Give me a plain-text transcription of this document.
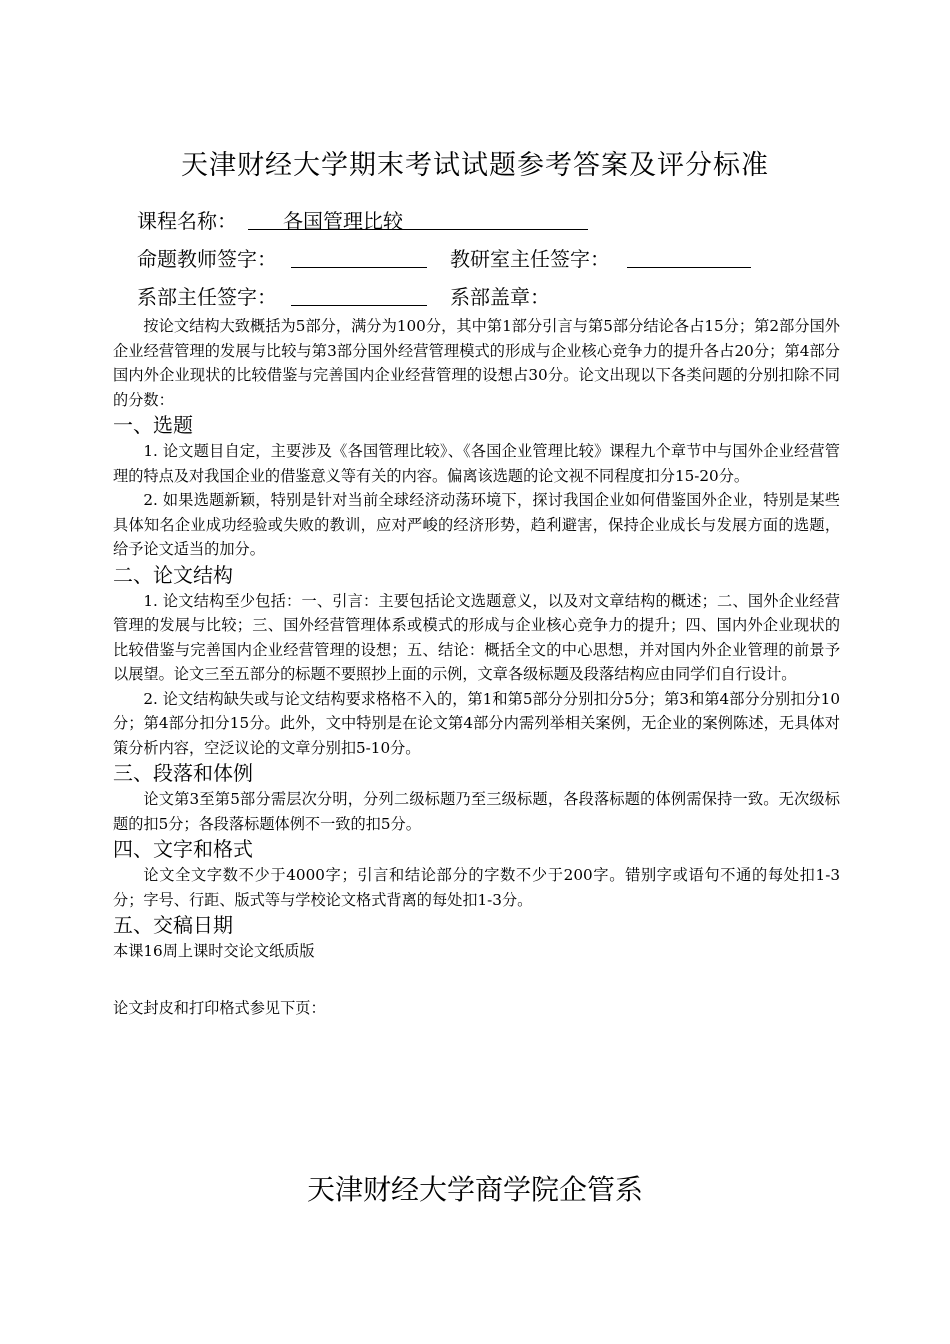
天津财经大学期末考试试题参考答案及评分标准
课程名称： 各国管理比较
命题教师签字：	教研室主任签字：
系部主任签字：	系部盖章：

按论文结构大致概括为5部分，满分为100分，其中第1部分引言与第5部分结论各占15分；第2部分国外企业经营管理的发展与比较与第3部分国外经营管理模式的形成与企业核心竞争力的提升各占20分；第4部分国内外企业现状的比较借鉴与完善国内企业经营管理的设想占30分。论文出现以下各类问题的分别扣除不同的分数：

一、选题

1. 论文题目自定，主要涉及《各国管理比较》、《各国企业管理比较》课程九个章节中与国外企业经营管理的特点及对我国企业的借鉴意义等有关的内容。偏离该选题的论文视不同程度扣分15-20分。

2. 如果选题新颖，特别是针对当前全球经济动荡环境下，探讨我国企业如何借鉴国外企业，特别是某些具体知名企业成功经验或失败的教训，应对严峻的经济形势，趋利避害，保持企业成长与发展方面的选题，给予论文适当的加分。

二、论文结构

1. 论文结构至少包括：一、引言：主要包括论文选题意义，以及对文章结构的概述；二、国外企业经营管理的发展与比较；三、国外经营管理体系或模式的形成与企业核心竞争力的提升；四、国内外企业现状的比较借鉴与完善国内企业经营管理的设想；五、结论：概括全文的中心思想，并对国内外企业管理的前景予以展望。论文三至五部分的标题不要照抄上面的示例，文章各级标题及段落结构应由同学们自行设计。

2. 论文结构缺失或与论文结构要求格格不入的，第1和第5部分分别扣分5分；第3和第4部分分别扣分10分；第4部分扣分15分。此外，文中特别是在论文第4部分内需列举相关案例，无企业的案例陈述，无具体对策分析内容，空泛议论的文章分别扣5-10分。

三、段落和体例

论文第3至第5部分需层次分明，分列二级标题乃至三级标题，各段落标题的体例需保持一致。无次级标题的扣5分；各段落标题体例不一致的扣5分。

四、文字和格式

论文全文字数不少于4000字；引言和结论部分的字数不少于200字。错别字或语句不通的每处扣1-3分；字号、行距、版式等与学校论文格式背离的每处扣1-3分。

五、交稿日期

本课16周上课时交论文纸质版

论文封皮和打印格式参见下页：

天津财经大学商学院企管系
